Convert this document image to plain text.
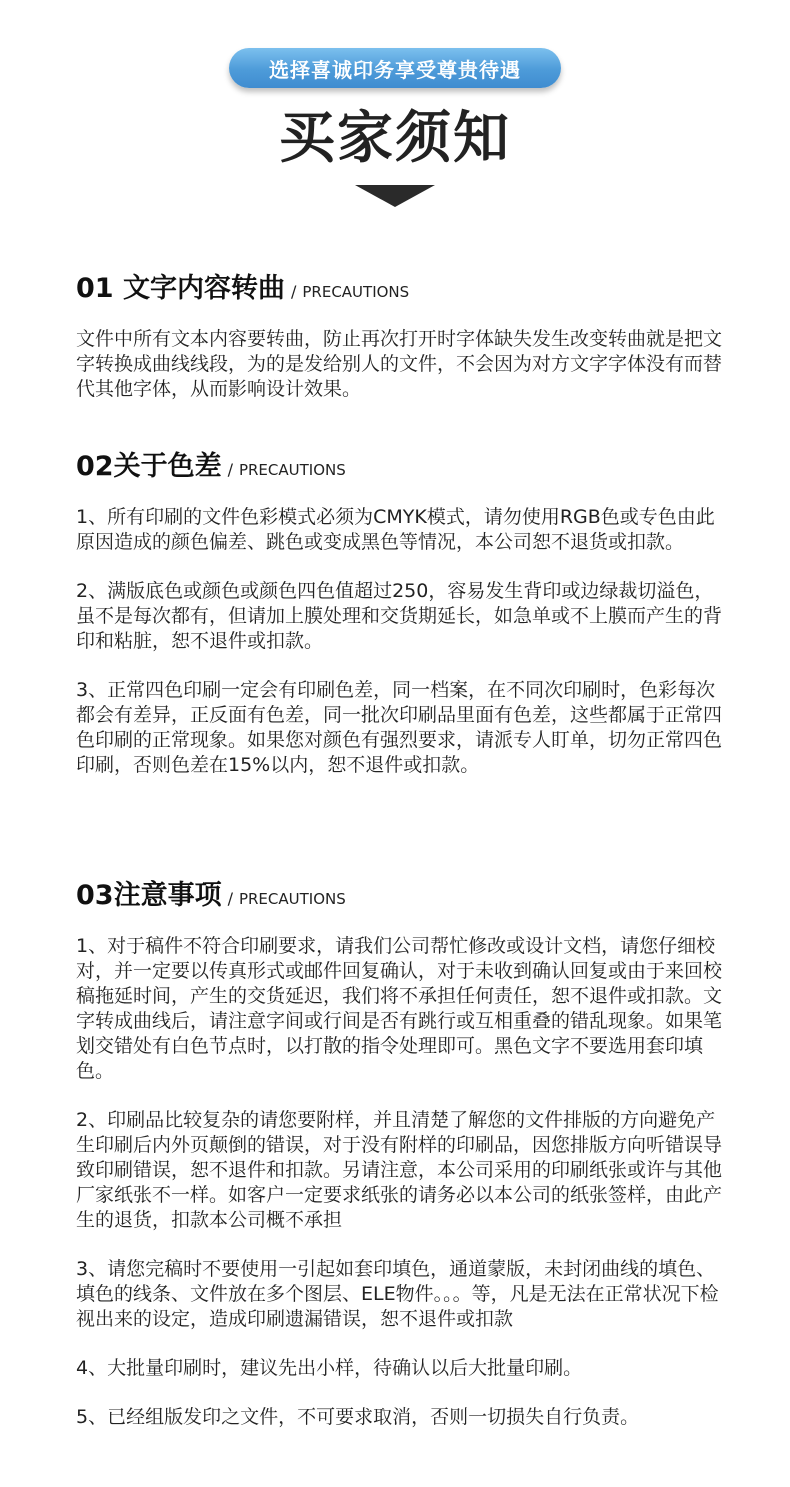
选择喜诚印务享受尊贵待遇
买家须知
01 文字内容转曲 / PRECAUTIONS

文件中所有文本内容要转曲，防止再次打开时字体缺失发生改变转曲就是把文字转换成曲线线段，为的是发给别人的文件，不会因为对方文字字体没有而替代其他字体，从而影响设计效果。

02关于色差 / PRECAUTIONS

1、所有印刷的文件色彩模式必须为CMYK模式，请勿使用RGB色或专色由此原因造成的颜色偏差、跳色或变成黑色等情况，本公司恕不退货或扣款。

2、满版底色或颜色或颜色四色值超过250，容易发生背印或边绿裁切溢色，虽不是每次都有，但请加上膜处理和交货期延长，如急单或不上膜而产生的背印和粘脏，恕不退件或扣款。

3、正常四色印刷一定会有印刷色差，同一档案，在不同次印刷时，色彩每次都会有差异，正反面有色差，同一批次印刷品里面有色差，这些都属于正常四色印刷的正常现象。如果您对颜色有强烈要求，请派专人盯单，切勿正常四色印刷，否则色差在15%以内，恕不退件或扣款。

03注意事项 / PRECAUTIONS

1、对于稿件不符合印刷要求，请我们公司帮忙修改或设计文档，请您仔细校对，并一定要以传真形式或邮件回复确认，对于未收到确认回复或由于来回校稿拖延时间，产生的交货延迟，我们将不承担任何责任，恕不退件或扣款。文字转成曲线后，请注意字间或行间是否有跳行或互相重叠的错乱现象。如果笔划交错处有白色节点时，以打散的指令处理即可。黑色文字不要选用套印填色。

2、印刷品比较复杂的请您要附样，并且清楚了解您的文件排版的方向避免产生印刷后内外页颠倒的错误，对于没有附样的印刷品，因您排版方向听错误导致印刷错误，恕不退件和扣款。另请注意，本公司采用的印刷纸张或许与其他厂家纸张不一样。如客户一定要求纸张的请务必以本公司的纸张签样，由此产生的退货，扣款本公司概不承担

3、请您完稿时不要使用一引起如套印填色，通道蒙版，未封闭曲线的填色、填色的线条、文件放在多个图层、ELE物件。。。等，凡是无法在正常状况下检视出来的设定，造成印刷遗漏错误，恕不退件或扣款

4、大批量印刷时，建议先出小样，待确认以后大批量印刷。

5、已经组版发印之文件，不可要求取消，否则一切损失自行负责。
